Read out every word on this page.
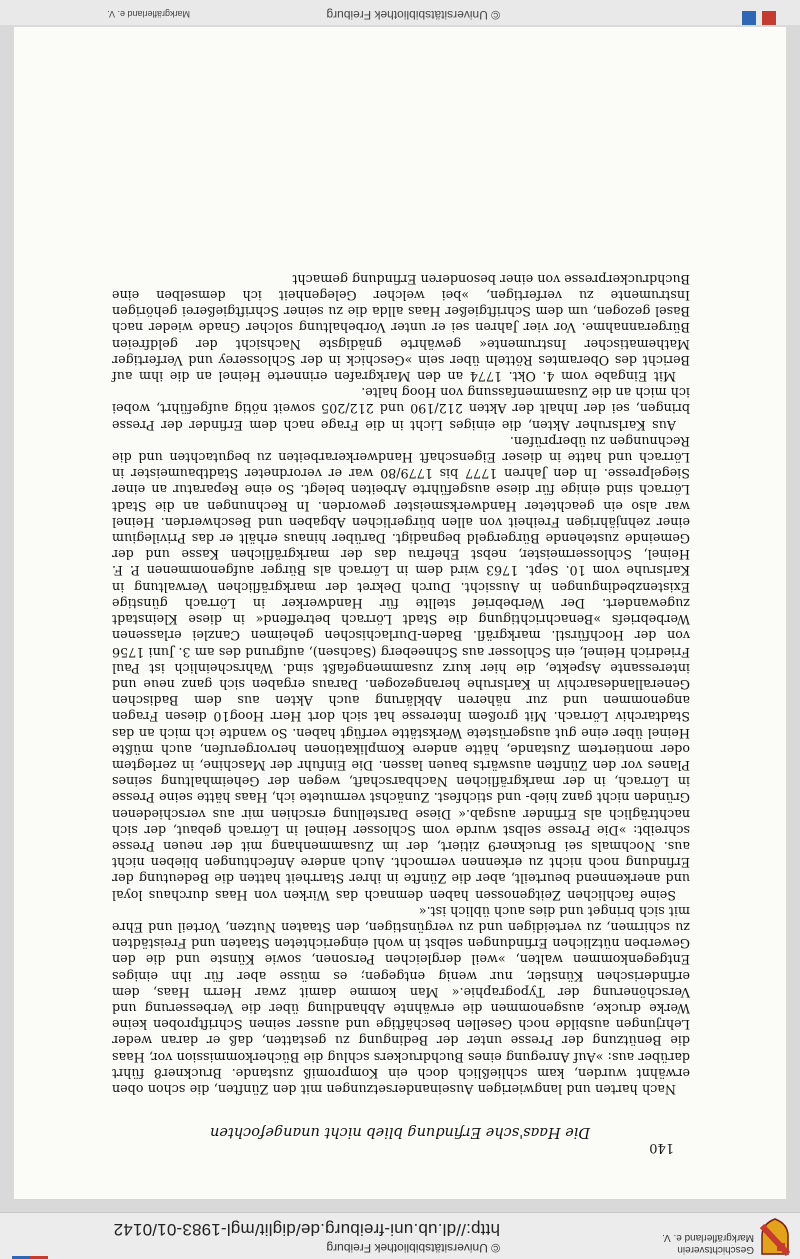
Geschichtsverein
Markgräflerland e. V.
© Universitätsbibliothek Freiburg
http://dl.ub.uni-freiburg.de/diglit/mgl-1983-01/0142
140
Die Haas'sche Erfindung blieb nicht unangefochten

Nach harten und langwierigen Auseinandersetzungen mit den Zünften, die schon oben erwähnt wurden, kam schließlich doch ein Kompromiß zustande. Bruckner8 führt darüber aus: »Auf Anregung eines Buchdruckers schlug die Bücherkommission vor, Haas die Benützung der Presse unter der Bedingung zu gestatten, daß er daran weder Lehrjungen ausbilde noch Gesellen beschäftige und ausser seinen Schriftproben keine Werke drucke, ausgenommen die erwähnte Abhandlung über die Verbesserung und Verschönerung der Typographie.« Man komme damit zwar Herrn Haas, dem erfinderischen Künstler, nur wenig entgegen; es müsse aber für ihn einiges Entgegenkommen walten, »weil dergleichen Personen, sowie Künste und die den Gewerben nützlichen Erfindungen selbst in wohl eingerichteten Staaten und Freistädten zu schirmen, zu verteidigen und zu vergünstigen, den Staaten Nutzen, Vorteil und Ehre mit sich bringet und dies auch üblich ist.«

Seine fachlichen Zeitgenossen haben demnach das Wirken von Haas durchaus loyal und anerkennend beurteilt, aber die Zünfte in ihrer Starrheit hatten die Bedeutung der Erfindung noch nicht zu erkennen vermocht. Auch andere Anfechtungen blieben nicht aus. Nochmals sei Bruckner9 zitiert, der im Zusammenhang mit der neuen Presse schreibt: »Die Presse selbst wurde vom Schlosser Heinel in Lörrach gebaut, der sich nachträglich als Erfinder ausgab.« Diese Darstellung erschien mir aus verschiedenen Gründen nicht ganz hieb- und stichfest. Zunächst vermutete ich, Haas hätte seine Presse in Lörrach, in der markgräflichen Nachbarschaft, wegen der Geheimhaltung seines Planes vor den Zünften auswärts bauen lassen. Die Einfuhr der Maschine, in zerlegtem oder montiertem Zustande, hätte andere Komplikationen hervorgerufen, auch müßte Heinel über eine gut ausgerüstete Werkstätte verfügt haben. So wandte ich mich an das Stadtarchiv Lörrach. Mit großem Interesse hat sich dort Herr Hoog10 diesen Fragen angenommen und zur näheren Abklärung auch Akten aus dem Badischen Generallandesarchiv in Karlsruhe herangezogen. Daraus ergaben sich ganz neue und interessante Aspekte, die hier kurz zusammengefaßt sind. Wahrscheinlich ist Paul Friedrich Heinel, ein Schlosser aus Schneeberg (Sachsen), aufgrund des am 3. Juni 1756 von der Hochfürstl. markgräfl. Baden-Durlachischen geheimen Canzlei erlassenen Werbebriefs »Benachrichtigung die Stadt Lörrach betreffend« in diese Kleinstadt zugewandert. Der Werbebrief stellte für Handwerker in Lörrach günstige Existenzbedingungen in Aussicht. Durch Dekret der markgräflichen Verwaltung in Karlsruhe vom 10. Sept. 1763 wird dem in Lörrach als Bürger aufgenommenen P. F. Heinel, Schlossermeister, nebst Ehefrau das der markgräflichen Kasse und der Gemeinde zustehende Bürgergeld begnadigt. Darüber hinaus erhält er das Privilegium einer zehnjährigen Freiheit von allen bürgerlichen Abgaben und Beschwerden. Heinel war also ein geachteter Handwerksmeister geworden. In Rechnungen an die Stadt Lörrach sind einige für diese ausgeführte Arbeiten belegt. So eine Reparatur an einer Siegelpresse. In den Jahren 1777 bis 1779/80 war er verordneter Stadtbaumeister in Lörrach und hatte in dieser Eigenschaft Handwerkerarbeiten zu begutachten und die Rechnungen zu überprüfen.

Aus Karlsruher Akten, die einiges Licht in die Frage nach dem Erfinder der Presse bringen, sei der Inhalt der Akten 212/190 und 212/205 soweit nötig aufgeführt, wobei ich mich an die Zusammenfassung von Hoog halte.

Mit Eingabe vom 4. Okt. 1774 an den Markgrafen erinnerte Heinel an die ihm auf Bericht des Oberamtes Rötteln über sein »Geschick in der Schlosserey und Verfertiger Mathematischer Instrumente« gewährte gnädigste Nachsicht der geldfreien Bürgerannahme. Vor vier Jahren sei er unter Vorbehaltung solcher Gnade wieder nach Basel gezogen, um dem Schriftgießer Haas allda die zu seiner Schriftgießerei gehörigen Instrumente zu verfertigen, »bei welcher Gelegenheit ich demselben eine Buchdruckerpresse von einer besonderen Erfindung gemacht

© Universitätsbibliothek Freiburg
Markgräflerland e. V.
